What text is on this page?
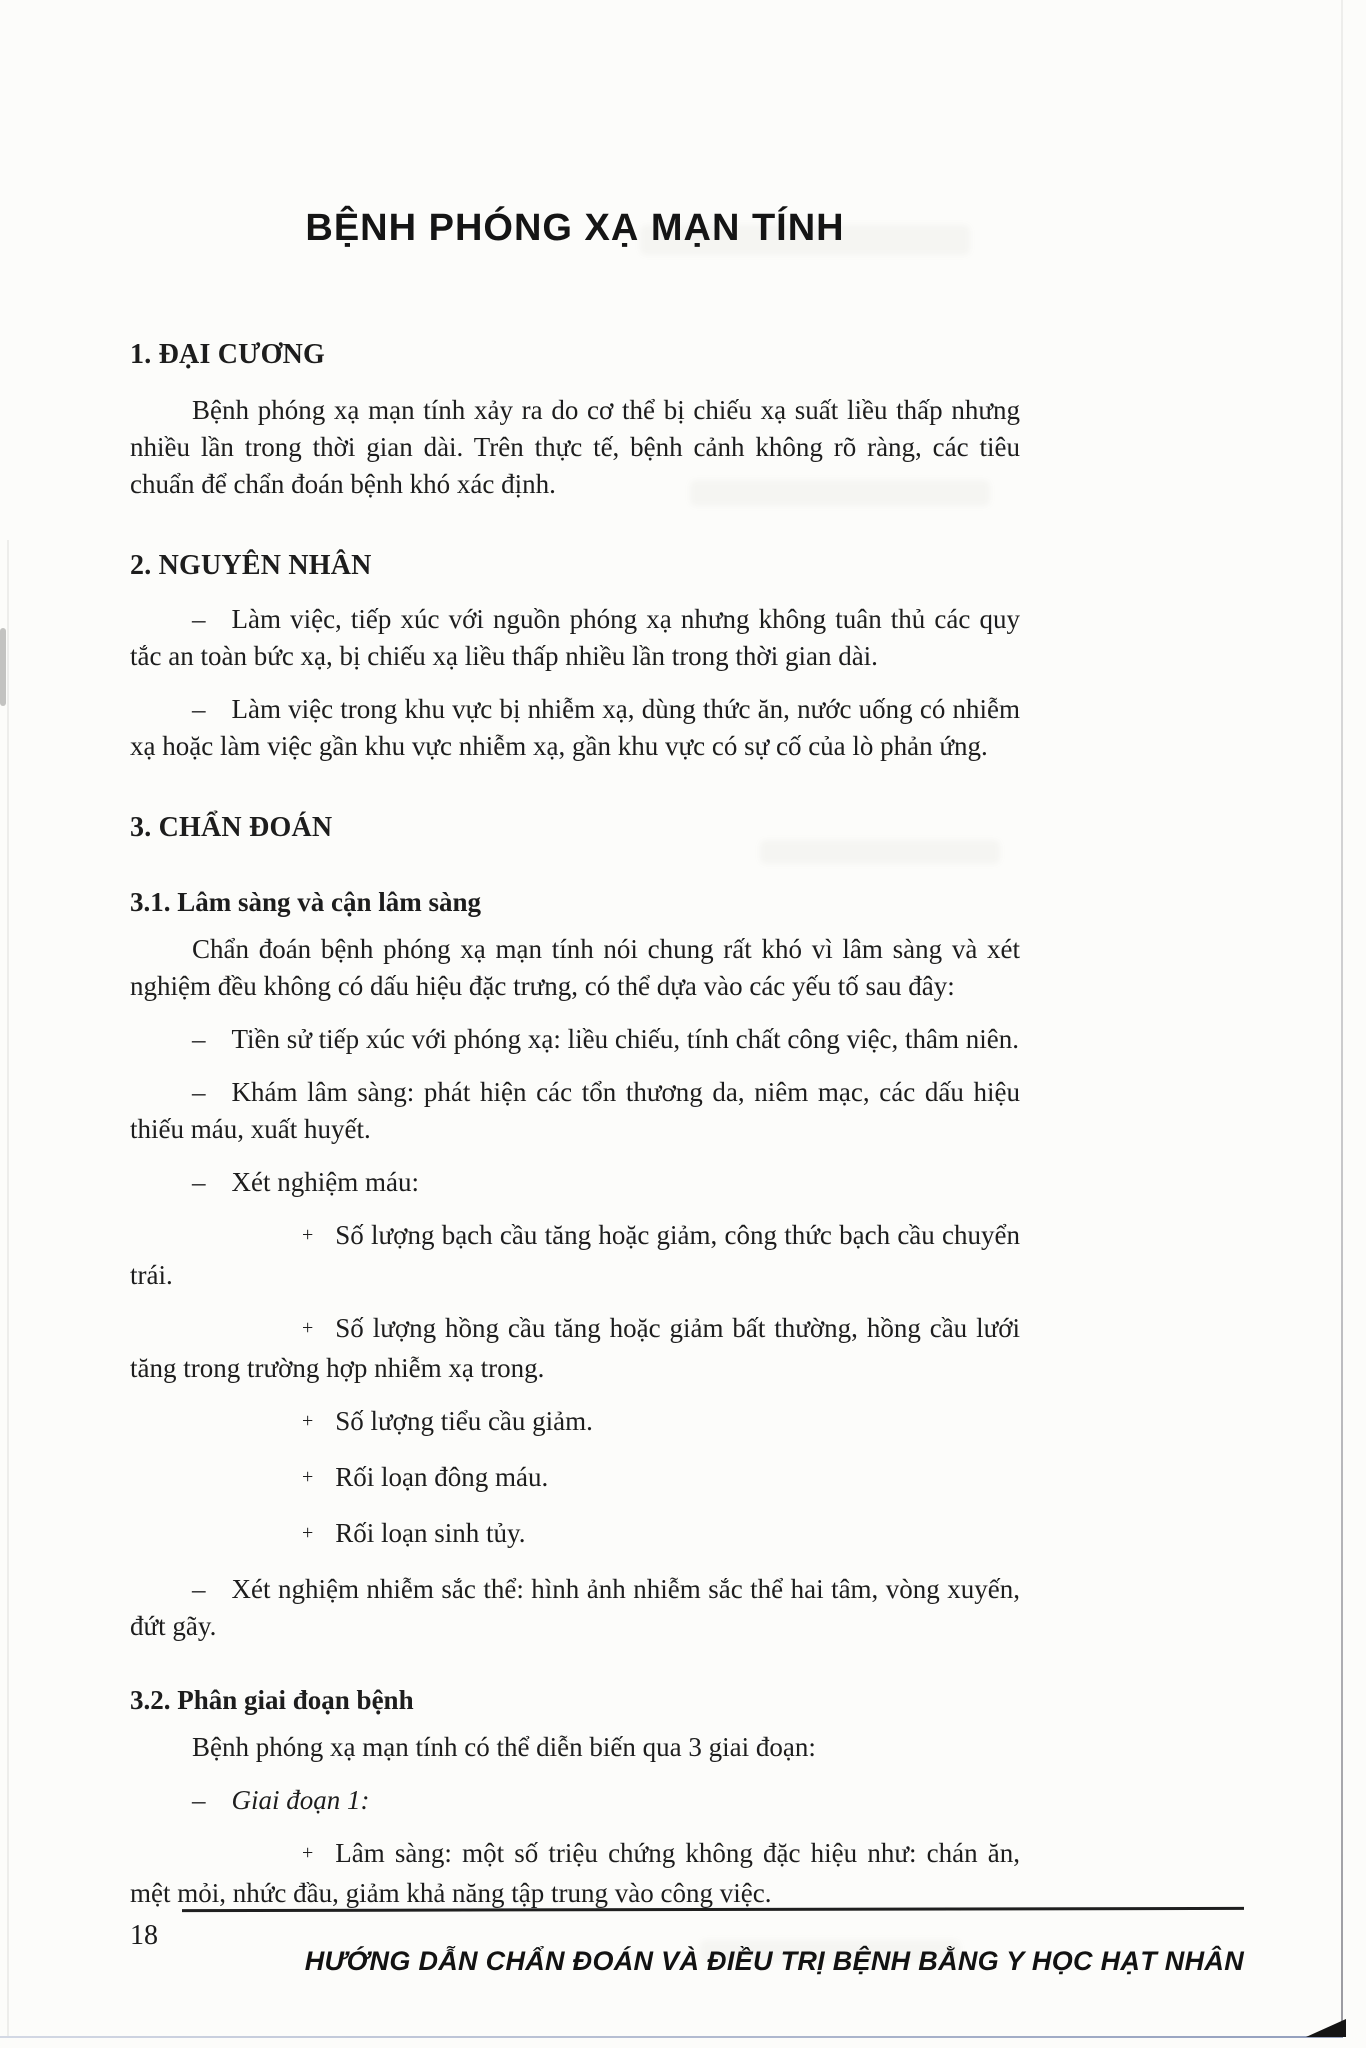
BỆNH PHÓNG XẠ MẠN TÍNH
1. ĐẠI CƯƠNG

Bệnh phóng xạ mạn tính xảy ra do cơ thể bị chiếu xạ suất liều thấp nhưng nhiều lần trong thời gian dài. Trên thực tế, bệnh cảnh không rõ ràng, các tiêu chuẩn để chẩn đoán bệnh khó xác định.

2. NGUYÊN NHÂN

– Làm việc, tiếp xúc với nguồn phóng xạ nhưng không tuân thủ các quy tắc an toàn bức xạ, bị chiếu xạ liều thấp nhiều lần trong thời gian dài.

– Làm việc trong khu vực bị nhiễm xạ, dùng thức ăn, nước uống có nhiễm xạ hoặc làm việc gần khu vực nhiễm xạ, gần khu vực có sự cố của lò phản ứng.

3. CHẨN ĐOÁN
3.1. Lâm sàng và cận lâm sàng

Chẩn đoán bệnh phóng xạ mạn tính nói chung rất khó vì lâm sàng và xét nghiệm đều không có dấu hiệu đặc trưng, có thể dựa vào các yếu tố sau đây:

– Tiền sử tiếp xúc với phóng xạ: liều chiếu, tính chất công việc, thâm niên.

– Khám lâm sàng: phát hiện các tổn thương da, niêm mạc, các dấu hiệu thiếu máu, xuất huyết.

– Xét nghiệm máu:

+ Số lượng bạch cầu tăng hoặc giảm, công thức bạch cầu chuyển trái.

+ Số lượng hồng cầu tăng hoặc giảm bất thường, hồng cầu lưới tăng trong trường hợp nhiễm xạ trong.

+ Số lượng tiểu cầu giảm.

+ Rối loạn đông máu.

+ Rối loạn sinh tủy.

– Xét nghiệm nhiễm sắc thể: hình ảnh nhiễm sắc thể hai tâm, vòng xuyến, đứt gãy.

3.2. Phân giai đoạn bệnh

Bệnh phóng xạ mạn tính có thể diễn biến qua 3 giai đoạn:

– Giai đoạn 1:

+ Lâm sàng: một số triệu chứng không đặc hiệu như: chán ăn, mệt mỏi, nhức đầu, giảm khả năng tập trung vào công việc.

18
HƯỚNG DẪN CHẨN ĐOÁN VÀ ĐIỀU TRỊ BỆNH BẰNG Y HỌC HẠT NHÂN
